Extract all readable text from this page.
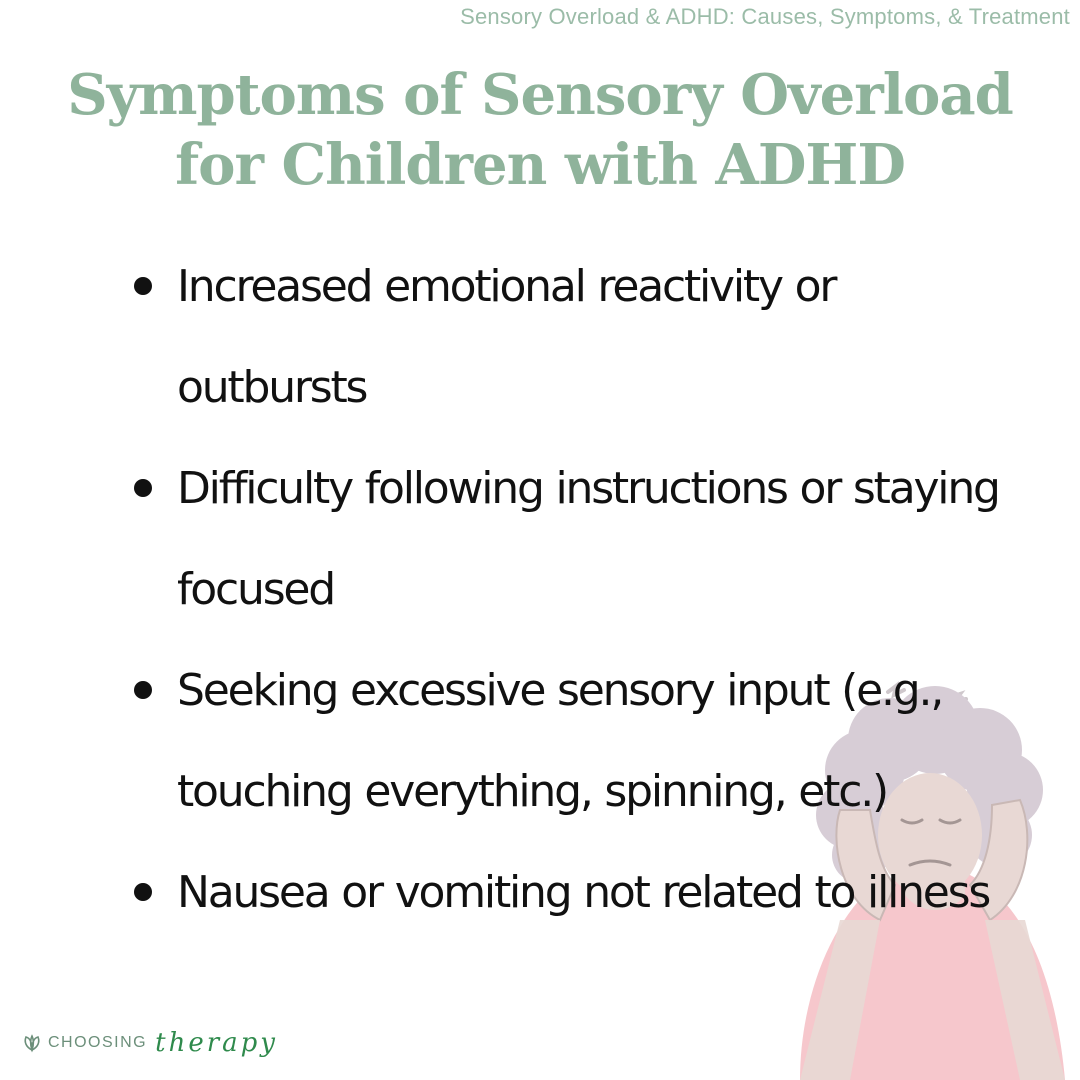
Sensory Overload & ADHD: Causes, Symptoms, & Treatment
Symptoms of Sensory Overload
for Children with ADHD
Increased emotional reactivity or outbursts
Difficulty following instructions or staying focused
Seeking excessive sensory input (e.g., touching everything, spinning, etc.)
Nausea or vomiting not related to illness
CHOOSING therapy
